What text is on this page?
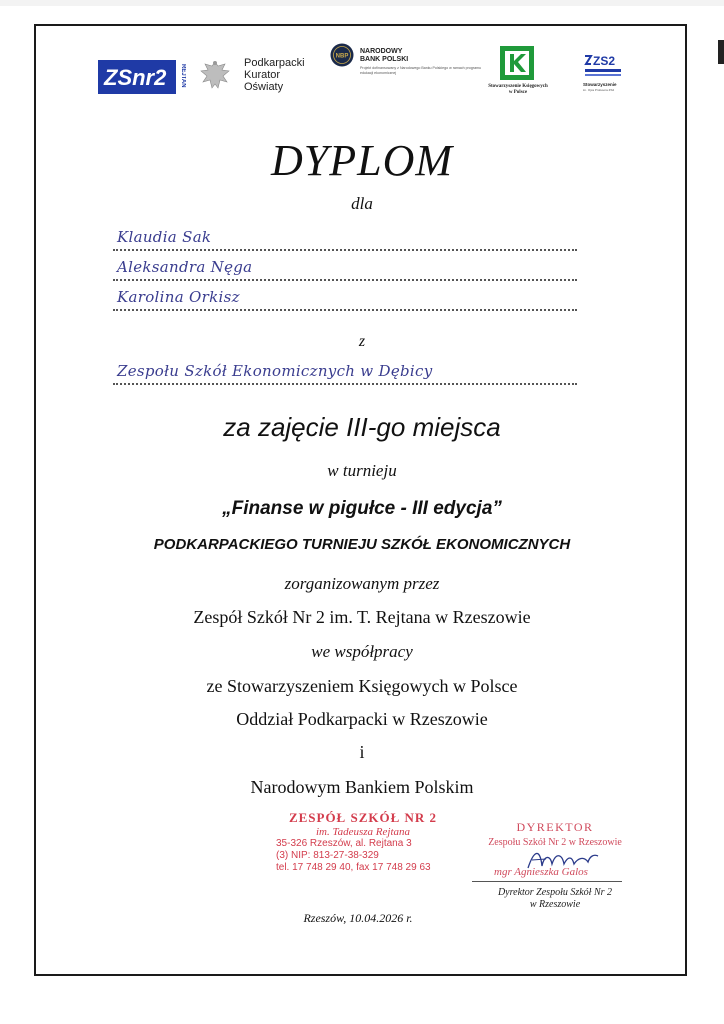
ZSnr2 REJTAN
Podkarpacki
Kurator
Oświaty
NBP
NARODOWY
BANK POLSKI
Projekt dofinansowany z Narodowego Banku Polskiego w ramach programu edukacji ekonomicznej
Stowarzyszenie Księgowych
w Polsce
ZS2
Stowarzyszenie
im. Ojca Profesora ZS2
DYPLOM
dla
Klaudia Sak
Aleksandra Nęga
Karolina Orkisz
z
Zespołu Szkół Ekonomicznych w Dębicy
za zajęcie III-go miejsca
w turnieju
„Finanse w pigułce - III edycja”
PODKARPACKIEGO TURNIEJU SZKÓŁ EKONOMICZNYCH
zorganizowanym przez
Zespół Szkół Nr 2 im. T. Rejtana w Rzeszowie
we współpracy
ze Stowarzyszeniem Księgowych w Polsce
Oddział Podkarpacki w Rzeszowie
i
Narodowym Bankiem Polskim
ZESPÓŁ SZKÓŁ NR 2
im. Tadeusza Rejtana
35-326 Rzeszów, al. Rejtana 3
(3) NIP: 813-27-38-329
tel. 17 748 29 40, fax 17 748 29 63
DYREKTOR
Zespołu Szkół Nr 2 w Rzeszowie
mgr Agnieszka Galos
Dyrektor Zespołu Szkół Nr 2
w Rzeszowie
Rzeszów, 10.04.2026 r.
